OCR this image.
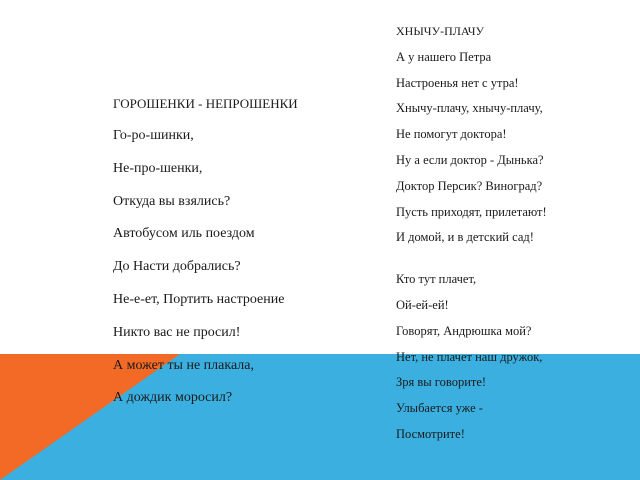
ГОРОШЕНКИ - НЕПРОШЕНКИ
Го-ро-шинки,
Не-про-шенки,
Откуда вы взялись?
Автобусом иль поездом
До Насти добрались?
Не-е-ет, Портить настроение
Никто вас не просил!
А может ты не плакала,
А дождик моросил?
ХНЫЧУ-ПЛАЧУ
А у нашего Петра
Настроенья нет с утра!
Хнычу-плачу, хнычу-плачу,
Не помогут доктора!
Ну а если доктор - Дынька?
Доктор Персик? Виноград?
Пусть приходят, прилетают!
И домой, и в детский сад!
Кто тут плачет,
Ой-ей-ей!
Говорят, Андрюшка мой?
Нет, не плачет наш дружок,
Зря вы говорите!
Улыбается уже -
Посмотрите!
